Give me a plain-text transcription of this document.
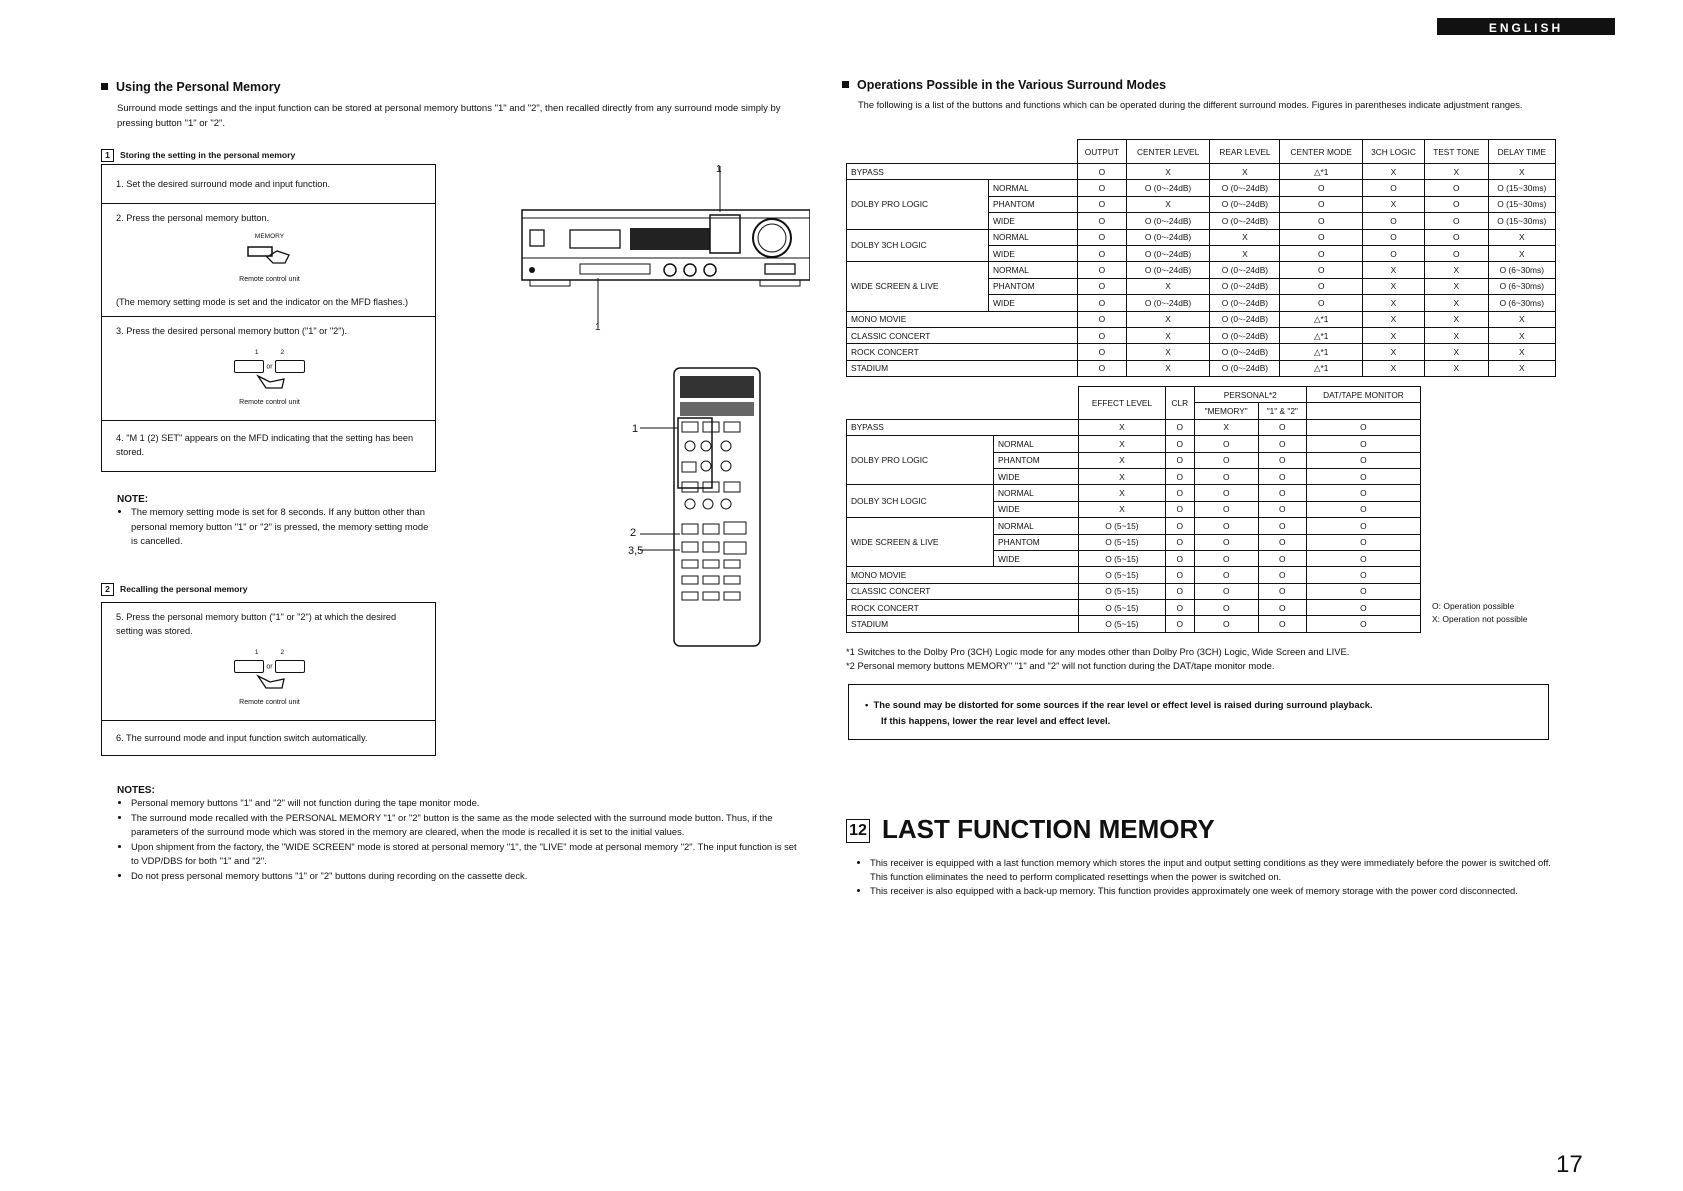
ENGLISH
Using the Personal Memory
Surround mode settings and the input function can be stored at personal memory buttons "1" and "2", then recalled directly from any surround mode simply by pressing button "1" or "2".
1 Storing the setting in the personal memory
1. Set the desired surround mode and input function.
2. Press the personal memory button.
MEMORY
Remote control unit
(The memory setting mode is set and the indicator on the MFD flashes.)
3. Press the desired personal memory button ("1" or "2").
1	2
or
Remote control unit
4. "M 1 (2) SET" appears on the MFD indicating that the setting has been stored.
NOTE:
• The memory setting mode is set for 8 seconds. If any button other than personal memory button "1" or "2" is pressed, the memory setting mode is cancelled.
2 Recalling the personal memory
5. Press the personal memory button ("1" or "2") at which the desired setting was stored.
1	2
or
Remote control unit
6. The surround mode and input function switch automatically.
1
1
1
2
3,5
NOTES:
• Personal memory buttons "1" and "2" will not function during the tape monitor mode.
• The surround mode recalled with the PERSONAL MEMORY "1" or "2" button is the same as the mode selected with the surround mode button. Thus, if the parameters of the surround mode which was stored in the memory are cleared, when the mode is recalled it is set to the initial values.
• Upon shipment from the factory, the "WIDE SCREEN" mode is stored at personal memory "1", the "LIVE" mode at personal memory "2". The input function is set to VDP/DBS for both "1" and "2".
• Do not press personal memory buttons "1" or "2" buttons during recording on the cassette deck.
Operations Possible in the Various Surround Modes
The following is a list of the buttons and functions which can be operated during the different surround modes. Figures in parentheses indicate adjustment ranges.
		OUTPUT	CENTER LEVEL	REAR LEVEL	CENTER MODE	3CH LOGIC	TEST TONE	DELAY TIME
BYPASS		O	X	X	△*1	X	X	X
DOLBY PRO LOGIC	NORMAL	O	O (0~-24dB)	O (0~-24dB)	O	O	O	O (15~30ms)
	PHANTOM	O	X	O (0~-24dB)	O	X	O	O (15~30ms)
	WIDE	O	O (0~-24dB)	O (0~-24dB)	O	O	O	O (15~30ms)
DOLBY 3CH LOGIC	NORMAL	O	O (0~-24dB)	X	O	O	O	X
	WIDE	O	O (0~-24dB)	X	O	O	O	X
WIDE SCREEN & LIVE	NORMAL	O	O (0~-24dB)	O (0~-24dB)	O	X	X	O (6~30ms)
	PHANTOM	O	X	O (0~-24dB)	O	X	X	O (6~30ms)
	WIDE	O	O (0~-24dB)	O (0~-24dB)	O	X	X	O (6~30ms)
MONO MOVIE		O	X	O (0~-24dB)	△*1	X	X	X
CLASSIC CONCERT		O	X	O (0~-24dB)	△*1	X	X	X
ROCK CONCERT		O	X	O (0~-24dB)	△*1	X	X	X
STADIUM		O	X	O (0~-24dB)	△*1	X	X	X
		EFFECT LEVEL	CLR	PERSONAL*2		DAT/TAPE MONITOR
				"MEMORY"	"1" & "2"	
BYPASS		X	O	X	O	O
DOLBY PRO LOGIC	NORMAL	X	O	O	O	O
	PHANTOM	X	O	O	O	O
	WIDE	X	O	O	O	O
DOLBY 3CH LOGIC	NORMAL	X	O	O	O	O
	WIDE	X	O	O	O	O
WIDE SCREEN & LIVE	NORMAL	O (5~15)	O	O	O	O
	PHANTOM	O (5~15)	O	O	O	O
	WIDE	O (5~15)	O	O	O	O
MONO MOVIE		O (5~15)	O	O	O	O
CLASSIC CONCERT		O (5~15)	O	O	O	O
ROCK CONCERT		O (5~15)	O	O	O	O
STADIUM		O (5~15)	O	O	O	O
O: Operation possible
X: Operation not possible
*1 Switches to the Dolby Pro (3CH) Logic mode for any modes other than Dolby Pro (3CH) Logic, Wide Screen and LIVE.
*2 Personal memory buttons MEMORY" "1" and "2" will not function during the DAT/tape monitor mode.
•  The sound may be distorted for some sources if the rear level or effect level is raised during surround playback.
If this happens, lower the rear level and effect level.
12 LAST FUNCTION MEMORY
• This receiver is equipped with a last function memory which stores the input and output setting conditions as they were immediately before the power is switched off.
This function eliminates the need to perform complicated resettings when the power is switched on.
• This receiver is also equipped with a back-up memory. This function provides approximately one week of memory storage with the power cord disconnected.
17
